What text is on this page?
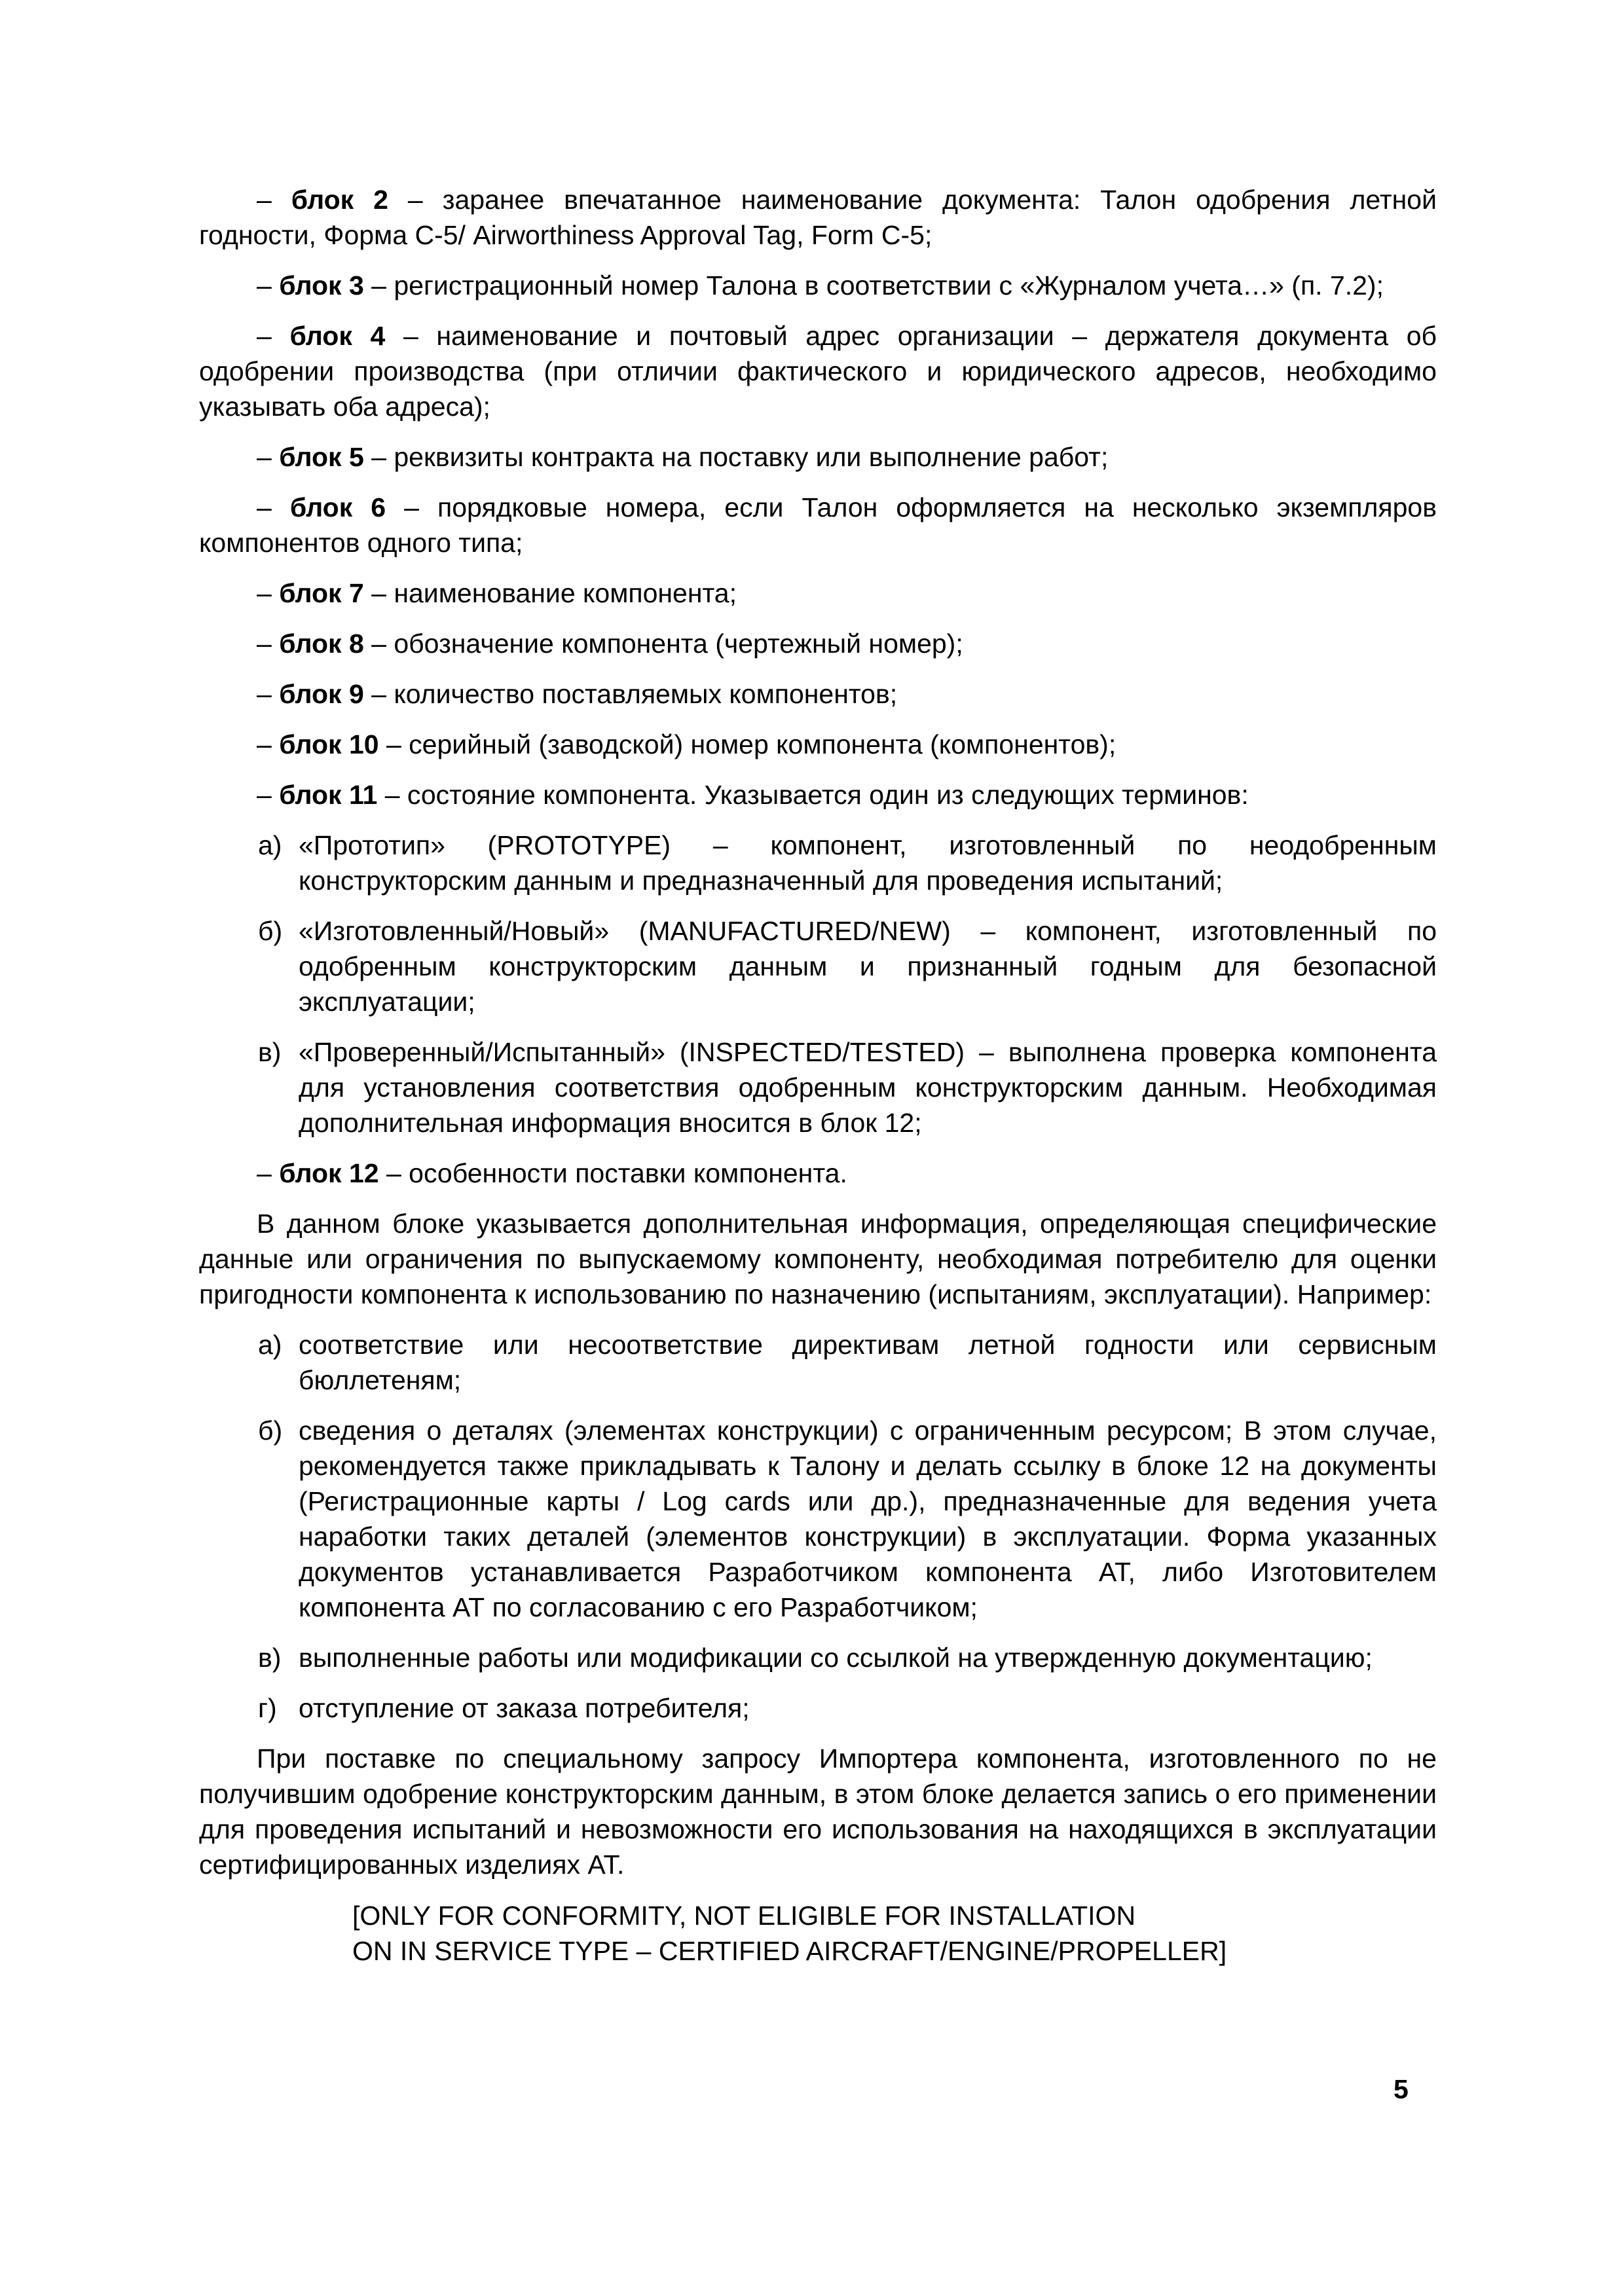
– блок 2 – заранее впечатанное наименование документа: Талон одобрения летной годности, Форма С-5/ Airworthiness Approval Tag, Form C-5;

– блок 3 – регистрационный номер Талона в соответствии с «Журналом учета…» (п. 7.2);

– блок 4 – наименование и почтовый адрес организации – держателя документа об одобрении производства (при отличии фактического и юридического адресов, необходимо указывать оба адреса);

– блок 5 – реквизиты контракта на поставку или выполнение работ;

– блок 6 – порядковые номера, если Талон оформляется на несколько экземпляров компонентов одного типа;

– блок 7 – наименование компонента;

– блок 8 – обозначение компонента (чертежный номер);

– блок 9 – количество поставляемых компонентов;

– блок 10 – серийный (заводской) номер компонента (компонентов);

– блок 11 – состояние компонента. Указывается один из следующих терминов:

а) «Прототип» (PROTOTYPE) – компонент, изготовленный по неодобренным конструкторским данным и предназначенный для проведения испытаний;
б) «Изготовленный/Новый» (MANUFACTURED/NEW) – компонент, изготовленный по одобренным конструкторским данным и признанный годным для безопасной эксплуатации;
в) «Проверенный/Испытанный» (INSPECTED/TESTED) – выполнена проверка компонента для установления соответствия одобренным конструкторским данным. Необходимая дополнительная информация вносится в блок 12;

– блок 12 – особенности поставки компонента.

В данном блоке указывается дополнительная информация, определяющая специфические данные или ограничения по выпускаемому компоненту, необходимая потребителю для оценки пригодности компонента к использованию по назначению (испытаниям, эксплуатации). Например:

а) соответствие или несоответствие директивам летной годности или сервисным бюллетеням;
б) сведения о деталях (элементах конструкции) с ограниченным ресурсом; В этом случае, рекомендуется также прикладывать к Талону и делать ссылку в блоке 12 на документы (Регистрационные карты / Log cards или др.), предназначенные для ведения учета наработки таких деталей (элементов конструкции) в эксплуатации. Форма указанных документов устанавливается Разработчиком компонента АТ, либо Изготовителем компонента АТ по согласованию с его Разработчиком;
в) выполненные работы или модификации со ссылкой на утвержденную документацию;
г) отступление от заказа потребителя;

При поставке по специальному запросу Импортера компонента, изготовленного по не получившим одобрение конструкторским данным, в этом блоке делается запись о его применении для проведения испытаний и невозможности его использования на находящихся в эксплуатации сертифицированных изделиях АТ.

[ONLY FOR CONFORMITY, NOT ELIGIBLE FOR INSTALLATION
ON IN SERVICE TYPE – CERTIFIED AIRCRAFT/ENGINE/PROPELLER]
5
